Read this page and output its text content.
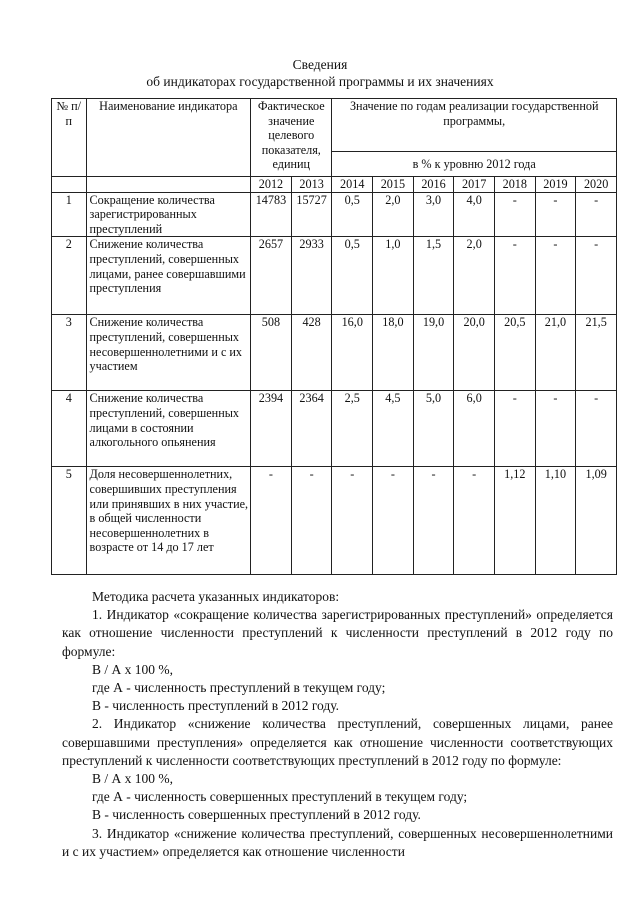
Сведения
об индикаторах государственной программы и их значениях
№ п/п	Наименование индикатора	Фактическое значение целевого показателя, единиц		Значение по годам реализации государственной программы,						
				в % к уровню 2012 года						
		2012	2013	2014	2015	2016	2017	2018	2019	2020
1	Сокращение количества зарегистрированных преступлений	14783	15727	0,5	2,0	3,0	4,0	-	-	-
2	Снижение количества преступлений, совершенных лицами, ранее совершавшими преступления	2657	2933	0,5	1,0	1,5	2,0	-	-	-
3	Снижение количества преступлений, совершенных несовершеннолетними и с их участием	508	428	16,0	18,0	19,0	20,0	20,5	21,0	21,5
4	Снижение количества преступлений, совершенных лицами в состоянии алкогольного опьянения	2394	2364	2,5	4,5	5,0	6,0	-	-	-
5	Доля несовершеннолетних, совершивших преступления или принявших в них участие, в общей численности несовершеннолетних в возрасте от 14 до 17 лет	-	-	-	-	-	-	1,12	1,10	1,09

Методика расчета указанных индикаторов:

1. Индикатор «сокращение количества зарегистрированных преступлений» определяется как отношение численности преступлений к численности преступлений в 2012 году по формуле:

В / А х 100 %,

где А - численность преступлений в текущем году;

В - численность преступлений в 2012 году.

2. Индикатор «снижение количества преступлений, совершенных лицами, ранее совершавшими преступления» определяется как отношение численности соответствующих преступлений к численности соответствующих преступлений в 2012 году по формуле:

В / А х 100 %,

где А - численность совершенных преступлений в текущем году;

В - численность совершенных преступлений в 2012 году.

3. Индикатор «снижение количества преступлений, совершенных несовершеннолетними и с их участием» определяется как отношение численности
